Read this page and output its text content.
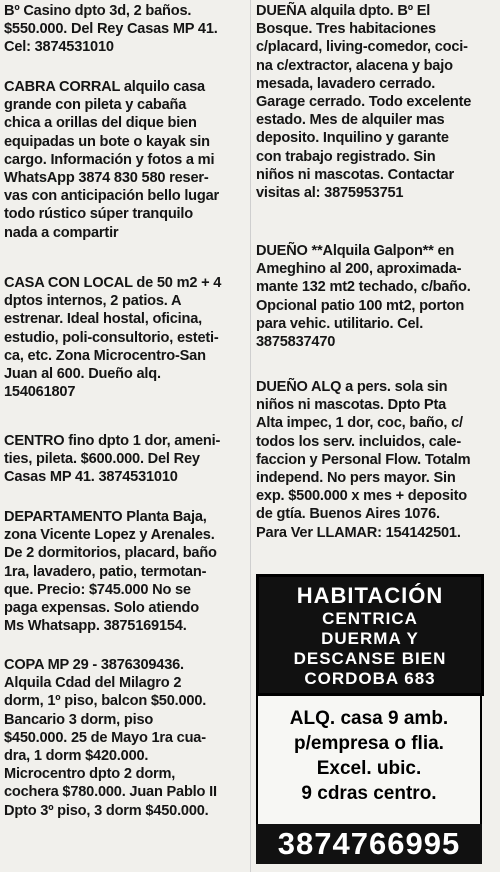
Bº Casino dpto 3d, 2 baños.
$550.000. Del Rey Casas MP 41.
Cel: 3874531010
CABRA CORRAL alquilo casa
grande con pileta y cabaña
chica a orillas del dique bien
equipadas un bote o kayak sin
cargo. Información y fotos a mi
WhatsApp 3874 830 580 reser-
vas con anticipación bello lugar
todo rústico súper tranquilo
nada a compartir
CASA CON LOCAL de 50 m2 + 4
dptos internos, 2 patios. A
estrenar. Ideal hostal, oficina,
estudio, poli-consultorio, esteti-
ca, etc. Zona Microcentro-San
Juan al 600. Dueño alq.
154061807
CENTRO fino dpto 1 dor, ameni-
ties, pileta. $600.000. Del Rey
Casas MP 41. 3874531010
DEPARTAMENTO Planta Baja,
zona Vicente Lopez y Arenales.
De 2 dormitorios, placard, baño
1ra, lavadero, patio, termotan-
que. Precio: $745.000 No se
paga expensas. Solo atiendo
Ms Whatsapp. 3875169154.
COPA MP 29 - 3876309436.
Alquila Cdad del Milagro 2
dorm, 1º piso, balcon $50.000.
Bancario 3 dorm, piso
$450.000. 25 de Mayo 1ra cua-
dra, 1 dorm $420.000.
Microcentro dpto 2 dorm,
cochera $780.000. Juan Pablo II
Dpto 3º piso, 3 dorm $450.000.
DUEÑA alquila dpto. Bº El
Bosque. Tres habitaciones
c/placard, living-comedor, coci-
na c/extractor, alacena y bajo
mesada, lavadero cerrado.
Garage cerrado. Todo excelente
estado. Mes de alquiler mas
deposito. Inquilino y garante
con trabajo registrado. Sin
niños ni mascotas. Contactar
visitas al: 3875953751
DUEÑO **Alquila Galpon** en
Ameghino al 200, aproximada-
mante 132 mt2 techado, c/baño.
Opcional patio 100 mt2, porton
para vehic. utilitario. Cel.
3875837470
DUEÑO ALQ a pers. sola sin
niños ni mascotas. Dpto Pta
Alta impec, 1 dor, coc, baño, c/
todos los serv. incluidos, cale-
faccion y Personal Flow. Totalm
independ. No pers mayor. Sin
exp. $500.000 x mes + deposito
de gtía. Buenos Aires 1076.
Para Ver LLAMAR: 154142501.
HABITACIÓN
CENTRICA
DUERMA Y
DESCANSE BIEN
CORDOBA 683
ALQ. casa 9 amb.
p/empresa o flia.
Excel. ubic.
9 cdras centro.
3874766995
